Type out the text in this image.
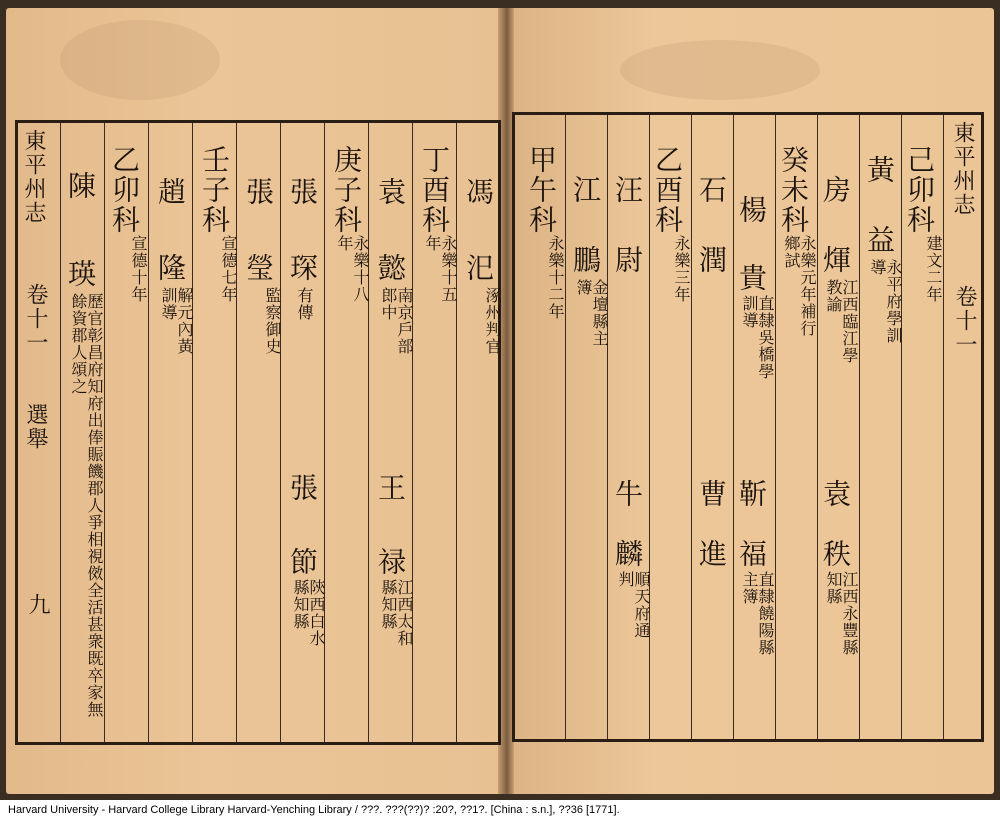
東平州志
卷十一
選舉
九
陳
瑛
歷官彰昌府知府出俸賑饑郡人爭相視傚全活甚衆既卒家無餘資郡人頌之
乙卯科
宣德十年
趙
隆
解元內黃訓導
壬子科
宣德七年
張
瑩
監察御史
張
琛
有傳
張
節
陝西白水縣知縣
庚子科
永樂十八年
袁
懿
南京戶部郎中
王
禄
江西太和縣知縣
丁酉科
永樂十五年
馮
汜
涿州判官
東平州志
卷十一
己卯科
建文二年
黃
益
永平府學訓導
房
煇
江西臨江學教諭
袁
秩
江西永豐縣知縣
癸未科
永樂元年補行鄉試
楊
貴
直隸吳橋學訓導
靳
福
直隸饒陽縣主簿
石
潤
曹
進
乙酉科
永樂三年
汪
尉
牛
麟
順天府通判
江
鵬
金壇縣主簿
甲午科
永樂十二年
Harvard University - Harvard College Library Harvard-Yenching Library / ???. ???(??)? :20?, ??1?. [China : s.n.], ??36 [1771].
